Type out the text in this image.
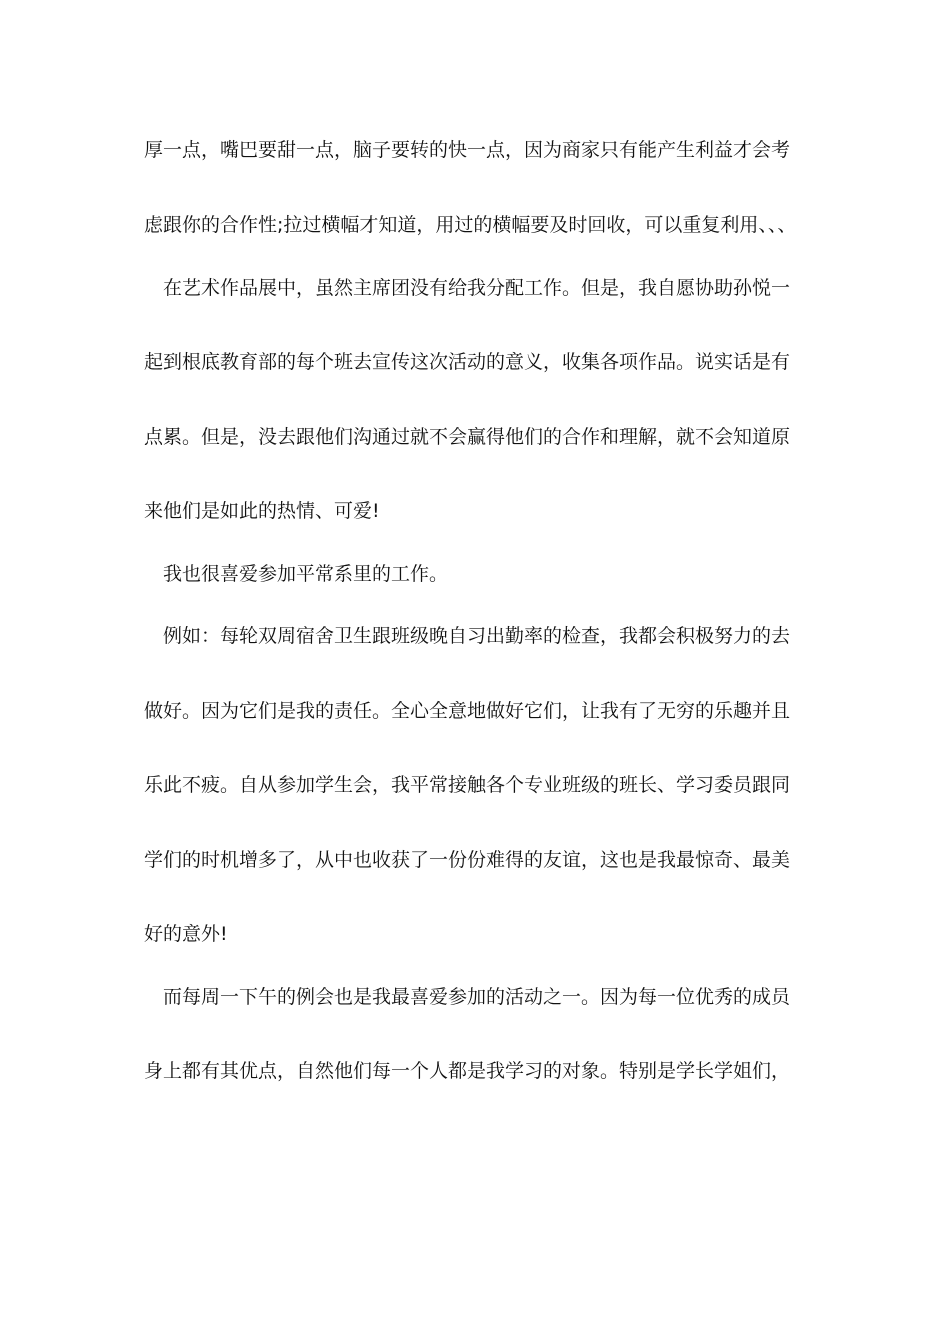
厚一点，嘴巴要甜一点，脑子要转的快一点，因为商家只有能产生利益才会考
虑跟你的合作性;拉过横幅才知道，用过的横幅要及时回收，可以重复利用、、、
在艺术作品展中，虽然主席团没有给我分配工作。但是，我自愿协助孙悦一
起到根底教育部的每个班去宣传这次活动的意义，收集各项作品。说实话是有
点累。但是，没去跟他们沟通过就不会赢得他们的合作和理解，就不会知道原
来他们是如此的热情、可爱!
我也很喜爱参加平常系里的工作。
例如：每轮双周宿舍卫生跟班级晚自习出勤率的检查，我都会积极努力的去
做好。因为它们是我的责任。全心全意地做好它们，让我有了无穷的乐趣并且
乐此不疲。自从参加学生会，我平常接触各个专业班级的班长、学习委员跟同
学们的时机增多了，从中也收获了一份份难得的友谊，这也是我最惊奇、最美
好的意外!
而每周一下午的例会也是我最喜爱参加的活动之一。因为每一位优秀的成员
身上都有其优点，自然他们每一个人都是我学习的对象。特别是学长学姐们，
